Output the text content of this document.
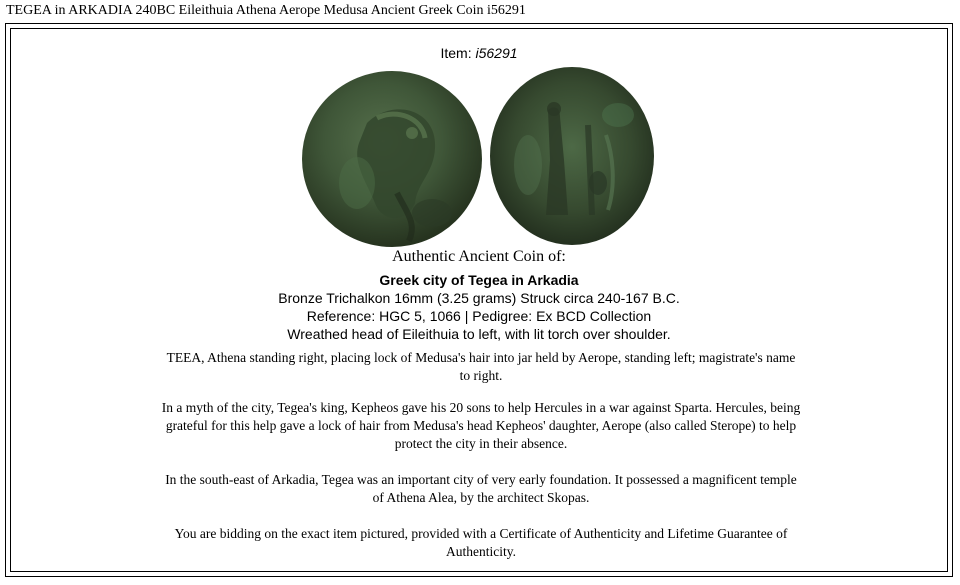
TEGEA in ARKADIA 240BC Eileithuia Athena Aerope Medusa Ancient Greek Coin i56291
Item: i56291
Authentic Ancient Coin of:
Greek city of Tegea in Arkadia
Bronze Trichalkon 16mm (3.25 grams) Struck circa 240-167 B.C.
Reference: HGC 5, 1066 | Pedigree: Ex BCD Collection
Wreathed head of Eileithuia to left, with lit torch over shoulder.
TEEA, Athena standing right, placing lock of Medusa's hair into jar held by Aerope, standing left; magistrate's name to right.
In a myth of the city, Tegea's king, Kepheos gave his 20 sons to help Hercules in a war against Sparta. Hercules, being grateful for this help gave a lock of hair from Medusa's head Kepheos' daughter, Aerope (also called Sterope) to help protect the city in their absence.
In the south-east of Arkadia, Tegea was an important city of very early foundation. It possessed a magnificent temple of Athena Alea, by the architect Skopas.
You are bidding on the exact item pictured, provided with a Certificate of Authenticity and Lifetime Guarantee of Authenticity.
